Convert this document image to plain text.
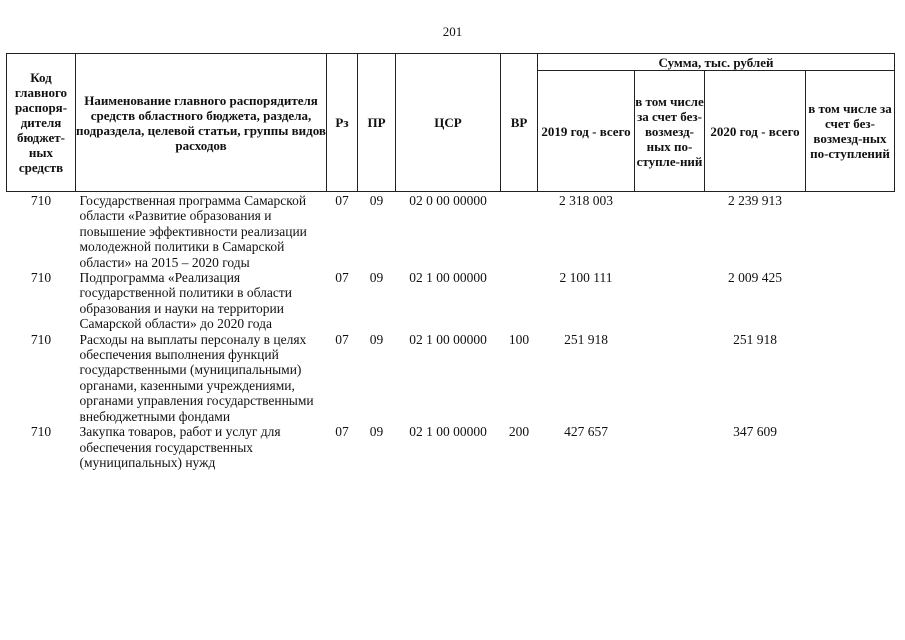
201
Код главного распоря-дителя бюджет-ных средств	Наименование главного распорядителя средств областного бюджета, раздела, подраздела, целевой статьи, группы видов расходов	Рз	ПР	ЦСР	ВР	Сумма, тыс. рублей			
						2019 год - всего	в том числе за счет без-возмезд-ных по-ступле-ний	2020 год - всего	в том числе за счет без-возмезд-ных по-ступлений
710	Государственная программа Самарской области «Развитие образования и повышение эффективности реализации молодежной политики в Самарской области» на 2015 – 2020 годы	07	09	02 0 00 00000		2 318 003		2 239 913	
710	Подпрограмма «Реализация государственной политики в области образования и науки на территории Самарской области» до 2020 года	07	09	02 1 00 00000		2 100 111		2 009 425	
710	Расходы на выплаты персоналу в целях обеспечения выполнения функций государственными (муниципальными) органами, казенными учреждениями, органами управления государственными внебюджетными фондами	07	09	02 1 00 00000	100	251 918		251 918	
710	Закупка товаров, работ и услуг для обеспечения государственных (муниципальных) нужд	07	09	02 1 00 00000	200	427 657		347 609	
